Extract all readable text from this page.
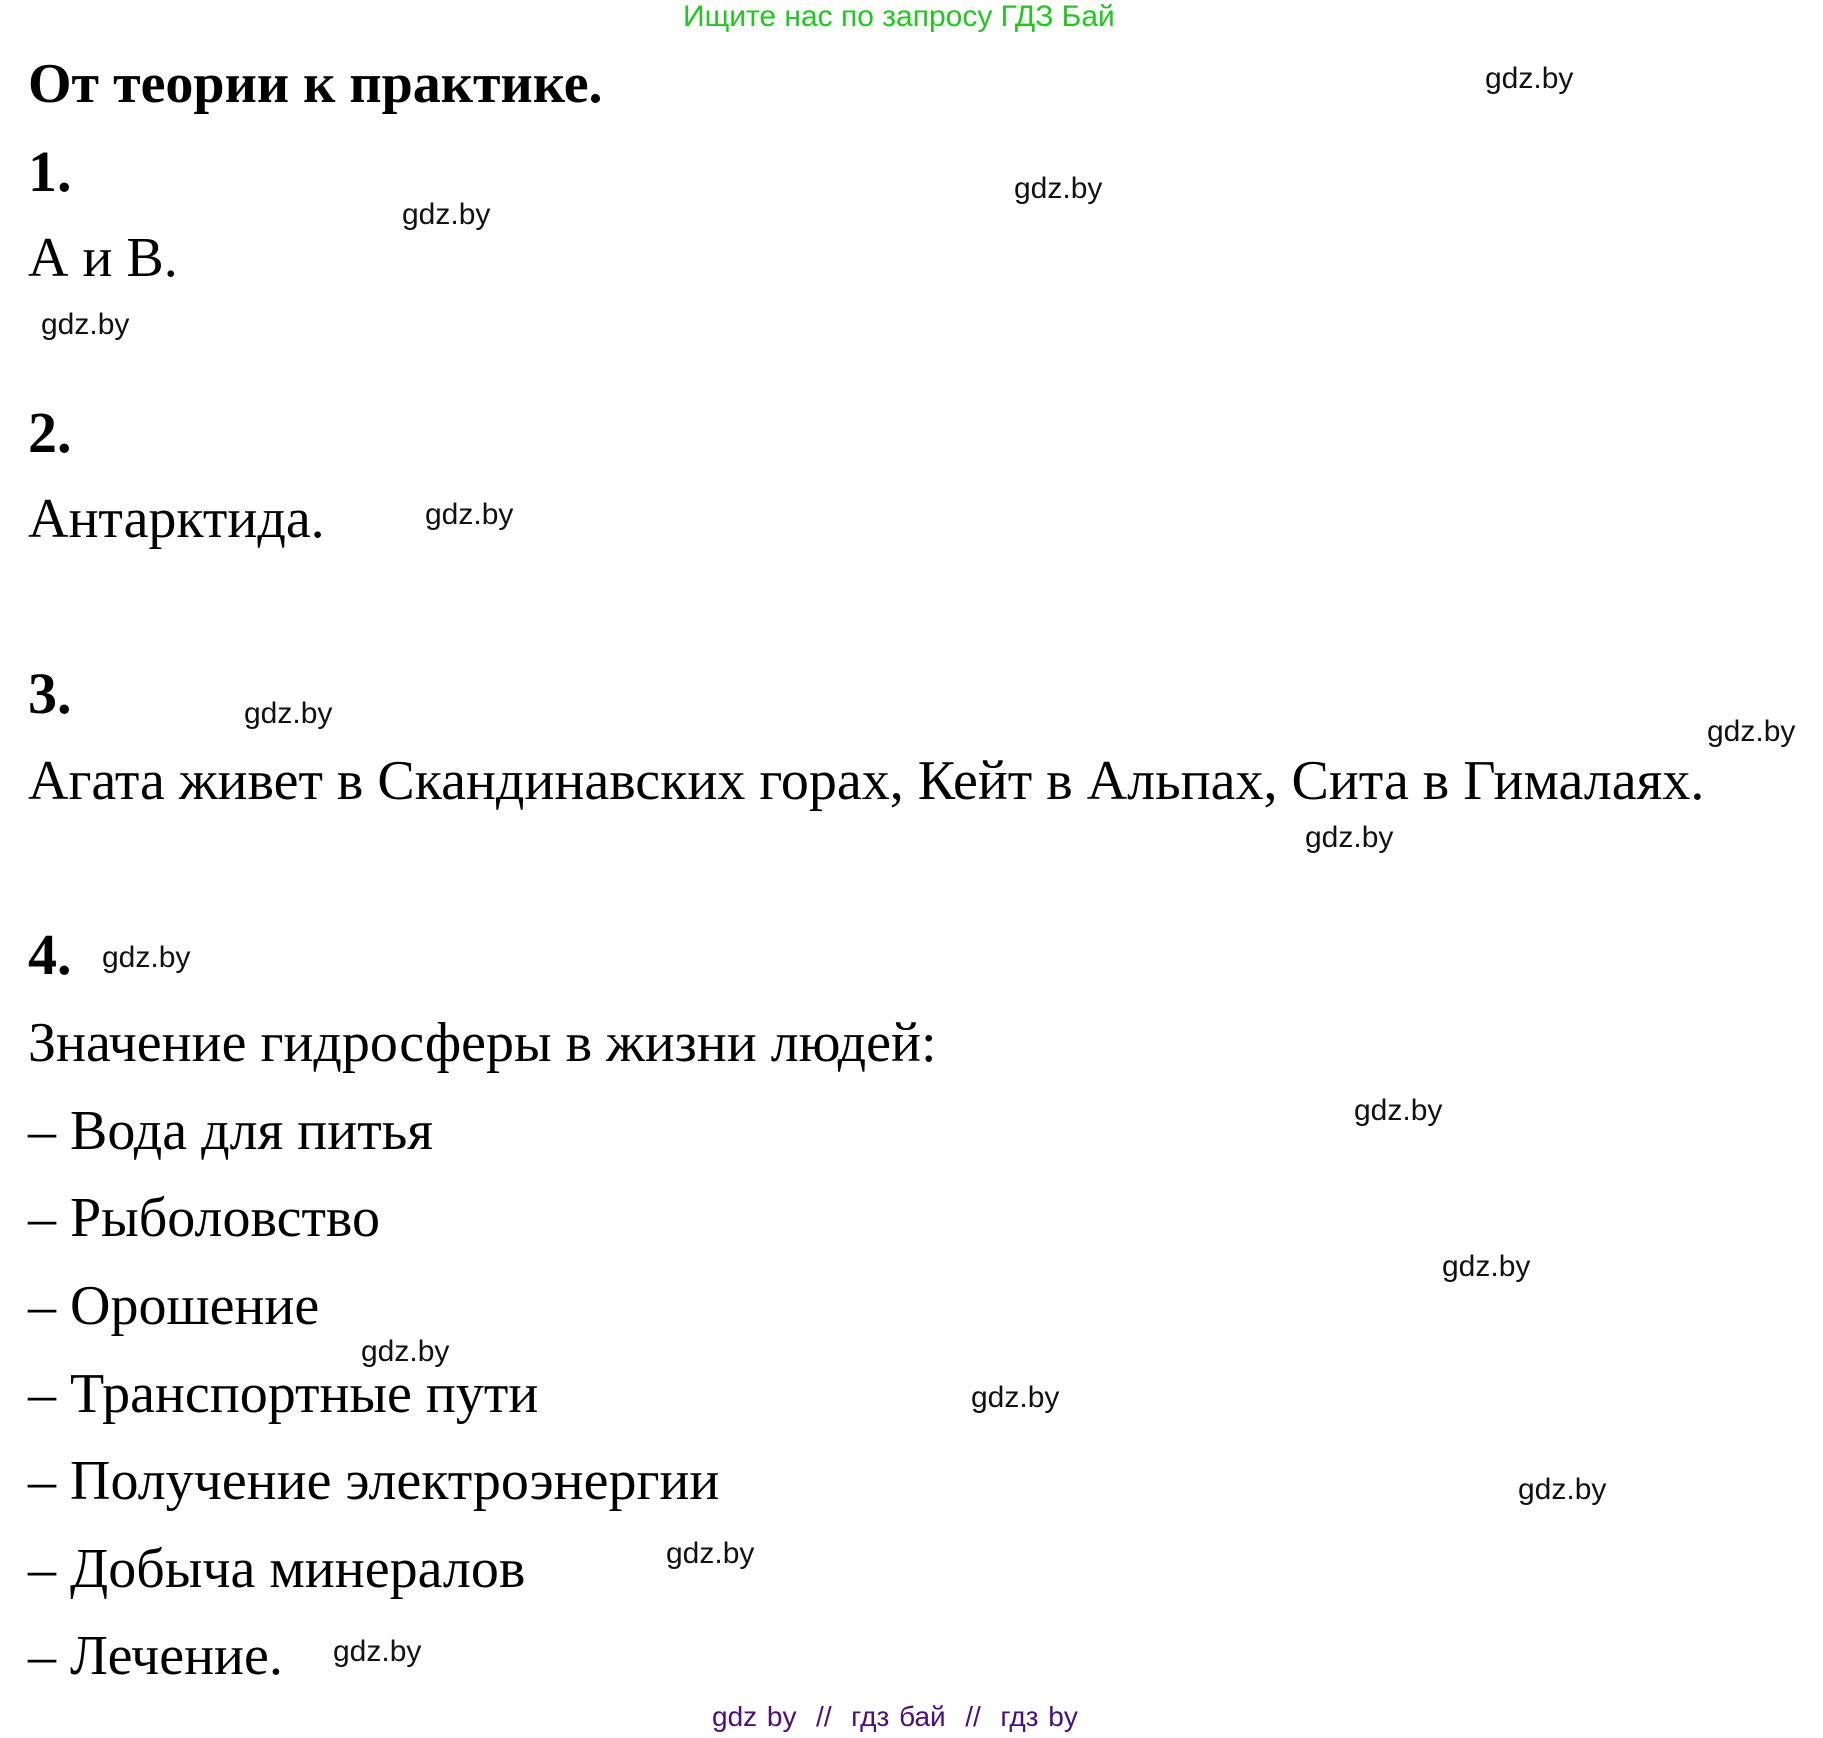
Ищите нас по запросу ГДЗ Бай
От теории к практике.
1.
А и В.
2.
Антарктида.
3.
Агата живет в Скандинавских горах, Кейт в Альпах, Сита в Гималаях.
4.
Значение гидросферы в жизни людей:
– Вода для питья
– Рыболовство
– Орошение
– Транспортные пути
– Получение электроэнергии
– Добыча минералов
– Лечение.
gdz.by
gdz.by
gdz.by
gdz.by
gdz.by
gdz.by
gdz.by
gdz.by
gdz.by
gdz.by
gdz.by
gdz.by
gdz.by
gdz.by
gdz.by
gdz.by
gdz by  //  гдз бай  //  гдз by
